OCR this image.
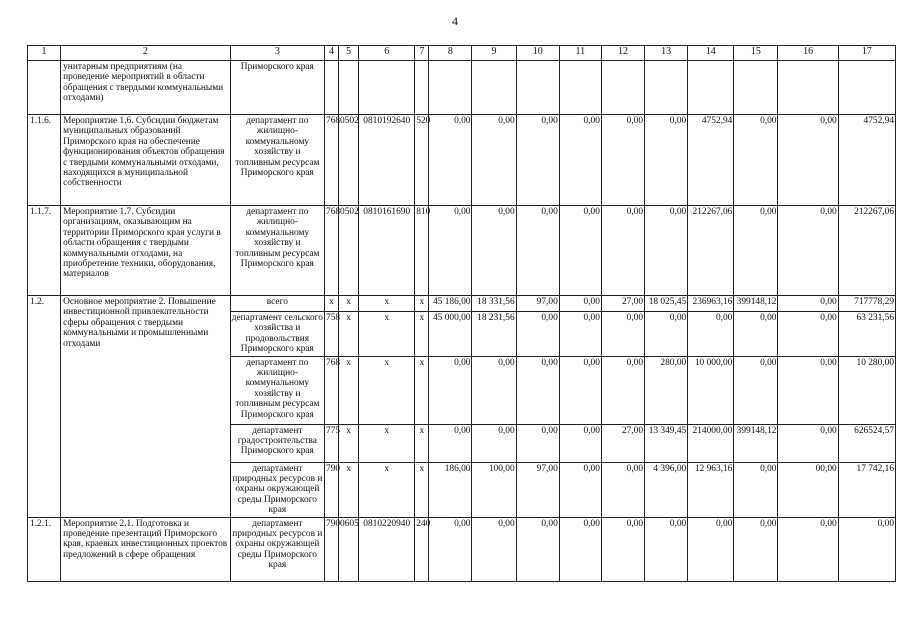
4
1	2	3	4	5	6	7	8	9	10	11	12	13	14	15	16	17
	унитарным предприятиям (на проведение мероприятий в области обращения с твердыми коммунальными отходами)	Приморского края														
1.1.6.	Мероприятие 1.6. Субсидии бюджетам муниципальных образований Приморского края на обеспечение функционирования объектов обращения с твердыми коммунальными отходами, находящихся в муниципальной собственности	департамент по жилищно-коммунальному хозяйству и топливным ресурсам Приморского края	768	0502	0810192640	520	0,00	0,00	0,00	0,00	0,00	0,00	4752,94	0,00	0,00	4752,94
1.1.7.	Мероприятие 1.7. Субсидии организациям, оказывающим на территории Приморского края услуги в области обращения с твердыми коммунальными отходами, на приобретение техники, оборудования, материалов	департамент по жилищно-коммунальному хозяйству и топливным ресурсам Приморского края	768	0502	0810161690	810	0,00	0,00	0,00	0,00	0,00	0,00	212267,06	0,00	0,00	212267,06
1.2.	Основное мероприятие 2. Повышение инвестиционной привлекательности сферы обращения с твердыми коммунальными и промышленными отходами	всего	x	x	x	x	45 186,00	18 331,56	97,00	0,00	27,00	18 025,45	236963,16	399148,12	0,00	717778,29
		департамент сельского хозяйства и продовольствия Приморского края	758	x	x	x	45 000,00	18 231,56	0,00	0,00	0,00	0,00	0,00	0,00	0,00	63 231,56
		департамент по жилищно-коммунальному хозяйству и топливным ресурсам Приморского края	768	x	x	x	0,00	0,00	0,00	0,00	0,00	280,00	10 000,00	0,00	0,00	10 280,00
		департамент градостроительства Приморского края	775	x	x	x	0,00	0,00	0,00	0,00	27,00	13 349,45	214000,00	399148,12	0,00	626524,57
		департамент природных ресурсов и охраны окружающей среды Приморского края	790	x	x	x	186,00	100,00	97,00	0,00	0,00	4 396,00	12 963,16	0,00	00,00	17 742,16
1.2.1.	Мероприятие 2.1. Подготовка и проведение презентаций Приморского края, краевых инвестиционных проектов предложений в сфере обращения	департамент природных ресурсов и охраны окружающей среды Приморского края	790	0605	0810220940	240	0,00	0,00	0,00	0,00	0,00	0,00	0,00	0,00	0,00	0,00
